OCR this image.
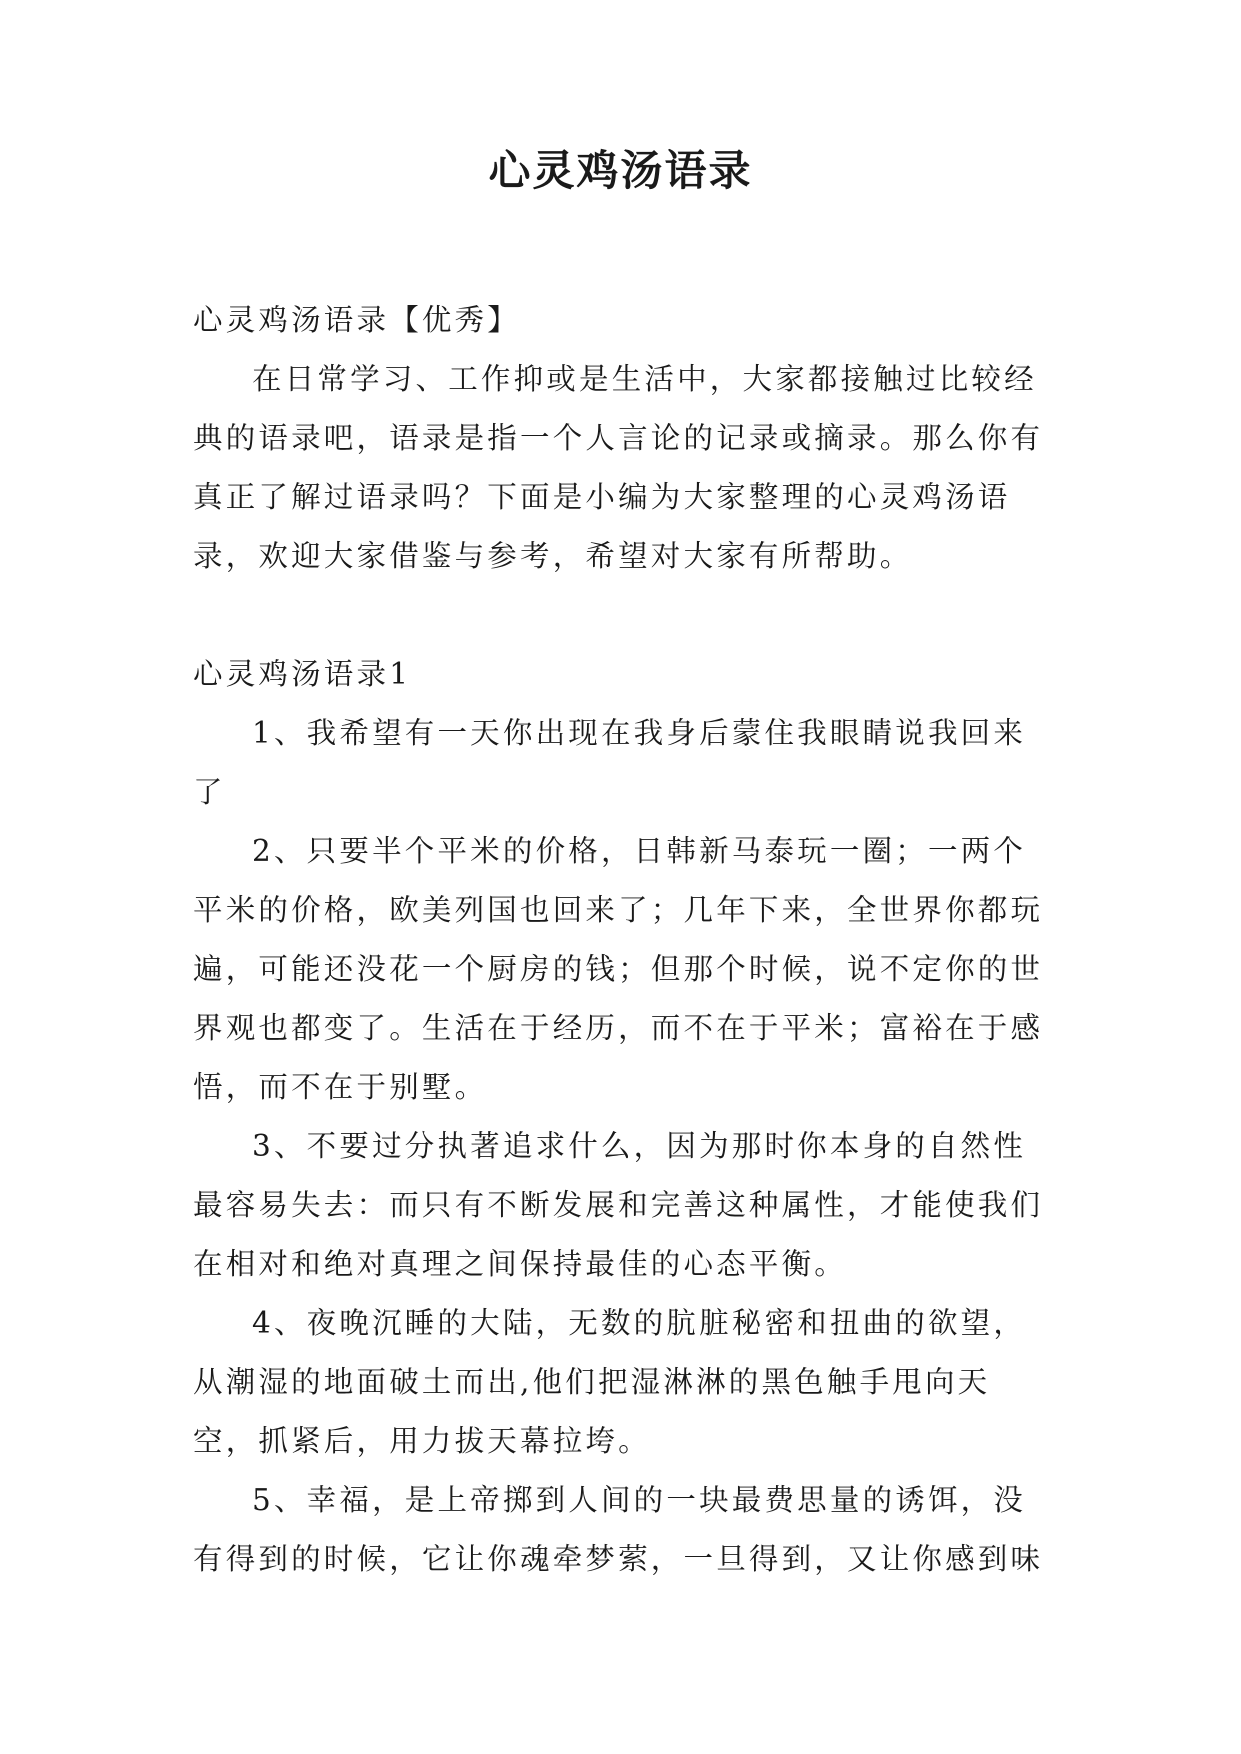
心灵鸡汤语录

心灵鸡汤语录【优秀】

在日常学习、工作抑或是生活中，大家都接触过比较经典的语录吧，语录是指一个人言论的记录或摘录。那么你有真正了解过语录吗？下面是小编为大家整理的心灵鸡汤语录，欢迎大家借鉴与参考，希望对大家有所帮助。

心灵鸡汤语录1

1、我希望有一天你出现在我身后蒙住我眼睛说我回来了

2、只要半个平米的价格，日韩新马泰玩一圈；一两个平米的价格，欧美列国也回来了；几年下来，全世界你都玩遍，可能还没花一个厨房的钱；但那个时候，说不定你的世界观也都变了。生活在于经历，而不在于平米；富裕在于感悟，而不在于别墅。

3、不要过分执著追求什么，因为那时你本身的自然性最容易失去：而只有不断发展和完善这种属性，才能使我们在相对和绝对真理之间保持最佳的心态平衡。

4、夜晚沉睡的大陆，无数的肮脏秘密和扭曲的欲望，从潮湿的地面破土而出,他们把湿淋淋的黑色触手甩向天空，抓紧后，用力拔天幕拉垮。

5、幸福，是上帝掷到人间的一块最费思量的诱饵，没有得到的时候，它让你魂牵梦萦，一旦得到，又让你感到味
